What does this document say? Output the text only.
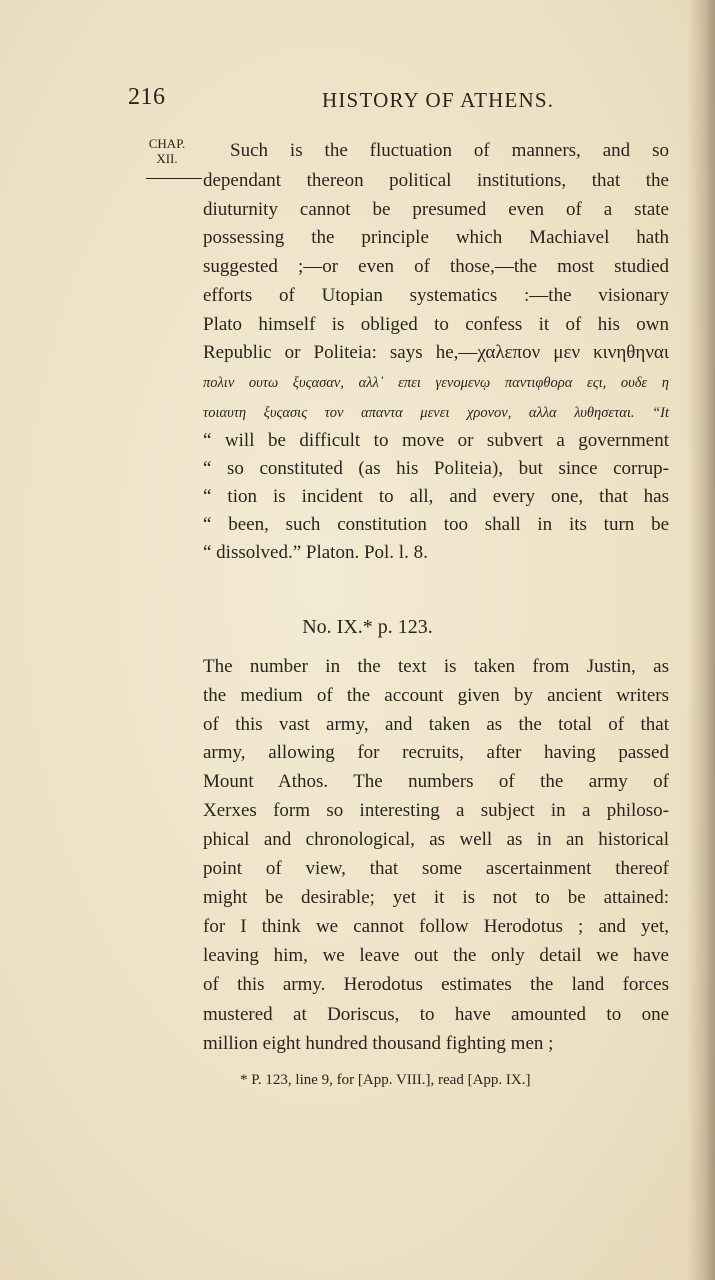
216	HISTORY OF ATHENS.
CHAP.
XII.	Such is the fluctuation of manners, and so
dependant thereon political institutions, that the
diuturnity cannot be presumed even of a state
possessing the principle which Machiavel hath
suggested ;—or even of those,—the most studied
efforts of Utopian systematics :—the visionary
Plato himself is obliged to confess it of his own
Republic or Politeia: says he,—χαλεπον μεν κινηθηναι
πολιν ουτω ξυςασαν, αλλ᾽ επει γενομενῳ παντιφθορα εςι, ουδε η
τοιαυτη ξυςασις τον απαντα μενει χρονον, αλλα λυθησεται. “It
“ will be difficult to move or subvert a government
“ so constituted (as his Politeia), but since corrup-
“ tion is incident to all, and every one, that has
“ been, such constitution too shall in its turn be
“ dissolved.” Platon. Pol. l. 8.
No. IX.* p. 123.
The number in the text is taken from Justin, as
the medium of the account given by ancient writers
of this vast army, and taken as the total of that
army, allowing for recruits, after having passed
Mount Athos. The numbers of the army of
Xerxes form so interesting a subject in a philoso-
phical and chronological, as well as in an historical
point of view, that some ascertainment thereof
might be desirable; yet it is not to be attained:
for I think we cannot follow Herodotus ; and yet,
leaving him, we leave out the only detail we have
of this army. Herodotus estimates the land forces
mustered at Doriscus, to have amounted to one
million eight hundred thousand fighting men ;
* P. 123, line 9, for [App. VIII.], read [App. IX.]
